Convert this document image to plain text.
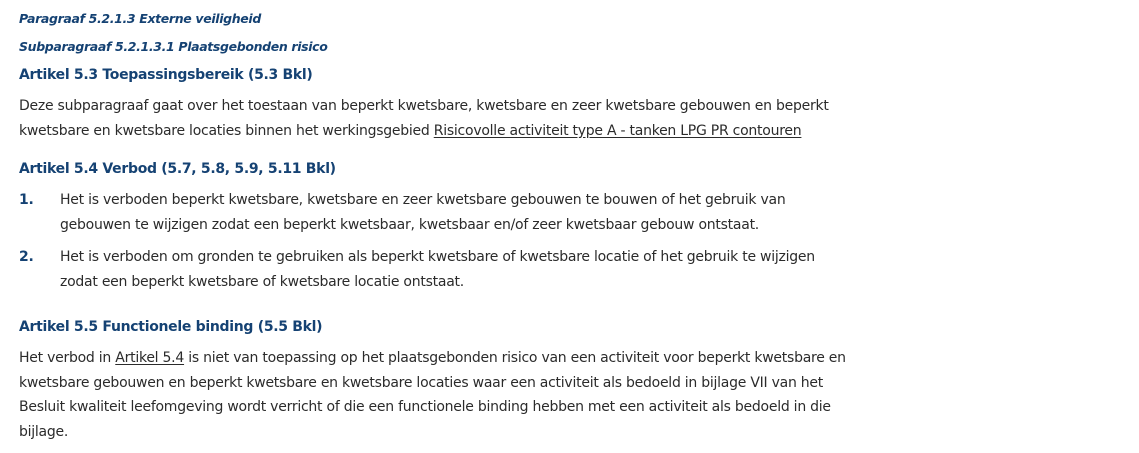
Paragraaf 5.2.1.3 Externe veiligheid
Subparagraaf 5.2.1.3.1 Plaatsgebonden risico
Artikel 5.3 Toepassingsbereik (5.3 Bkl)
Deze subparagraaf gaat over het toestaan van beperkt kwetsbare, kwetsbare en zeer kwetsbare gebouwen en beperkt
kwetsbare en kwetsbare locaties binnen het werkingsgebied Risicovolle activiteit type A - tanken LPG PR contouren
Artikel 5.4 Verbod (5.7, 5.8, 5.9, 5.11 Bkl)
1. Het is verboden beperkt kwetsbare, kwetsbare en zeer kwetsbare gebouwen te bouwen of het gebruik van
gebouwen te wijzigen zodat een beperkt kwetsbaar, kwetsbaar en/of zeer kwetsbaar gebouw ontstaat.
2. Het is verboden om gronden te gebruiken als beperkt kwetsbare of kwetsbare locatie of het gebruik te wijzigen
zodat een beperkt kwetsbare of kwetsbare locatie ontstaat.
Artikel 5.5 Functionele binding (5.5 Bkl)
Het verbod in Artikel 5.4 is niet van toepassing op het plaatsgebonden risico van een activiteit voor beperkt kwetsbare en
kwetsbare gebouwen en beperkt kwetsbare en kwetsbare locaties waar een activiteit als bedoeld in bijlage VII van het
Besluit kwaliteit leefomgeving wordt verricht of die een functionele binding hebben met een activiteit als bedoeld in die
bijlage.
